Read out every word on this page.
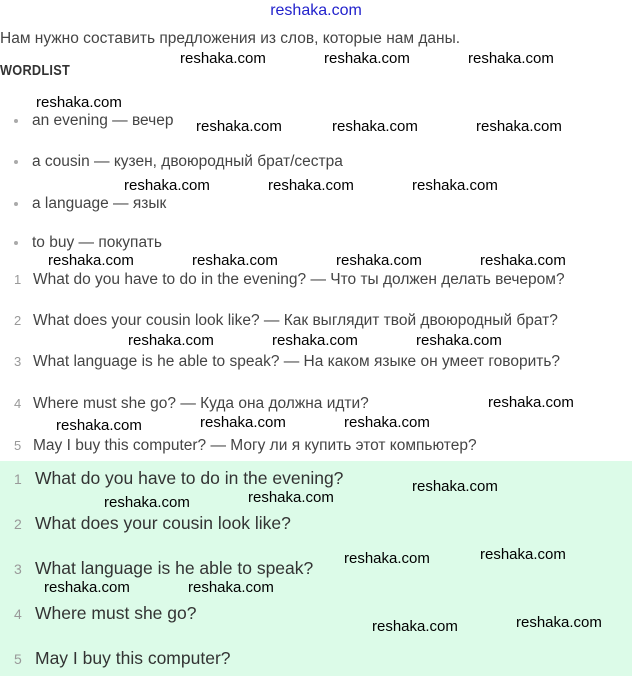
reshaka.com
Нам нужно составить предложения из слов, которые нам даны.
WORDLIST
an evening — вечер
a cousin — кузен, двоюродный брат/сестра
a language — язык
to buy — покупать
1 What do you have to do in the evening? — Что ты должен делать вечером?
2 What does your cousin look like? — Как выглядит твой двоюродный брат?
3 What language is he able to speak? — На каком языке он умеет говорить?
4 Where must she go? — Куда она должна идти?
5 May I buy this computer? — Могу ли я купить этот компьютер?
1 What do you have to do in the evening?
2 What does your cousin look like?
3 What language is he able to speak?
4 Where must she go?
5 May I buy this computer?
reshaka.com	reshaka.com	reshaka.com
reshaka.com
reshaka.com	reshaka.com	reshaka.com
reshaka.com	reshaka.com	reshaka.com
reshaka.com	reshaka.com	reshaka.com	reshaka.com
reshaka.com
reshaka.com	reshaka.com
reshaka.com
reshaka.com	reshaka.com
reshaka.com
reshaka.com
reshaka.com
reshaka.com
reshaka.com	reshaka.com
reshaka.com	reshaka.com
reshaka.com	reshaka.com
